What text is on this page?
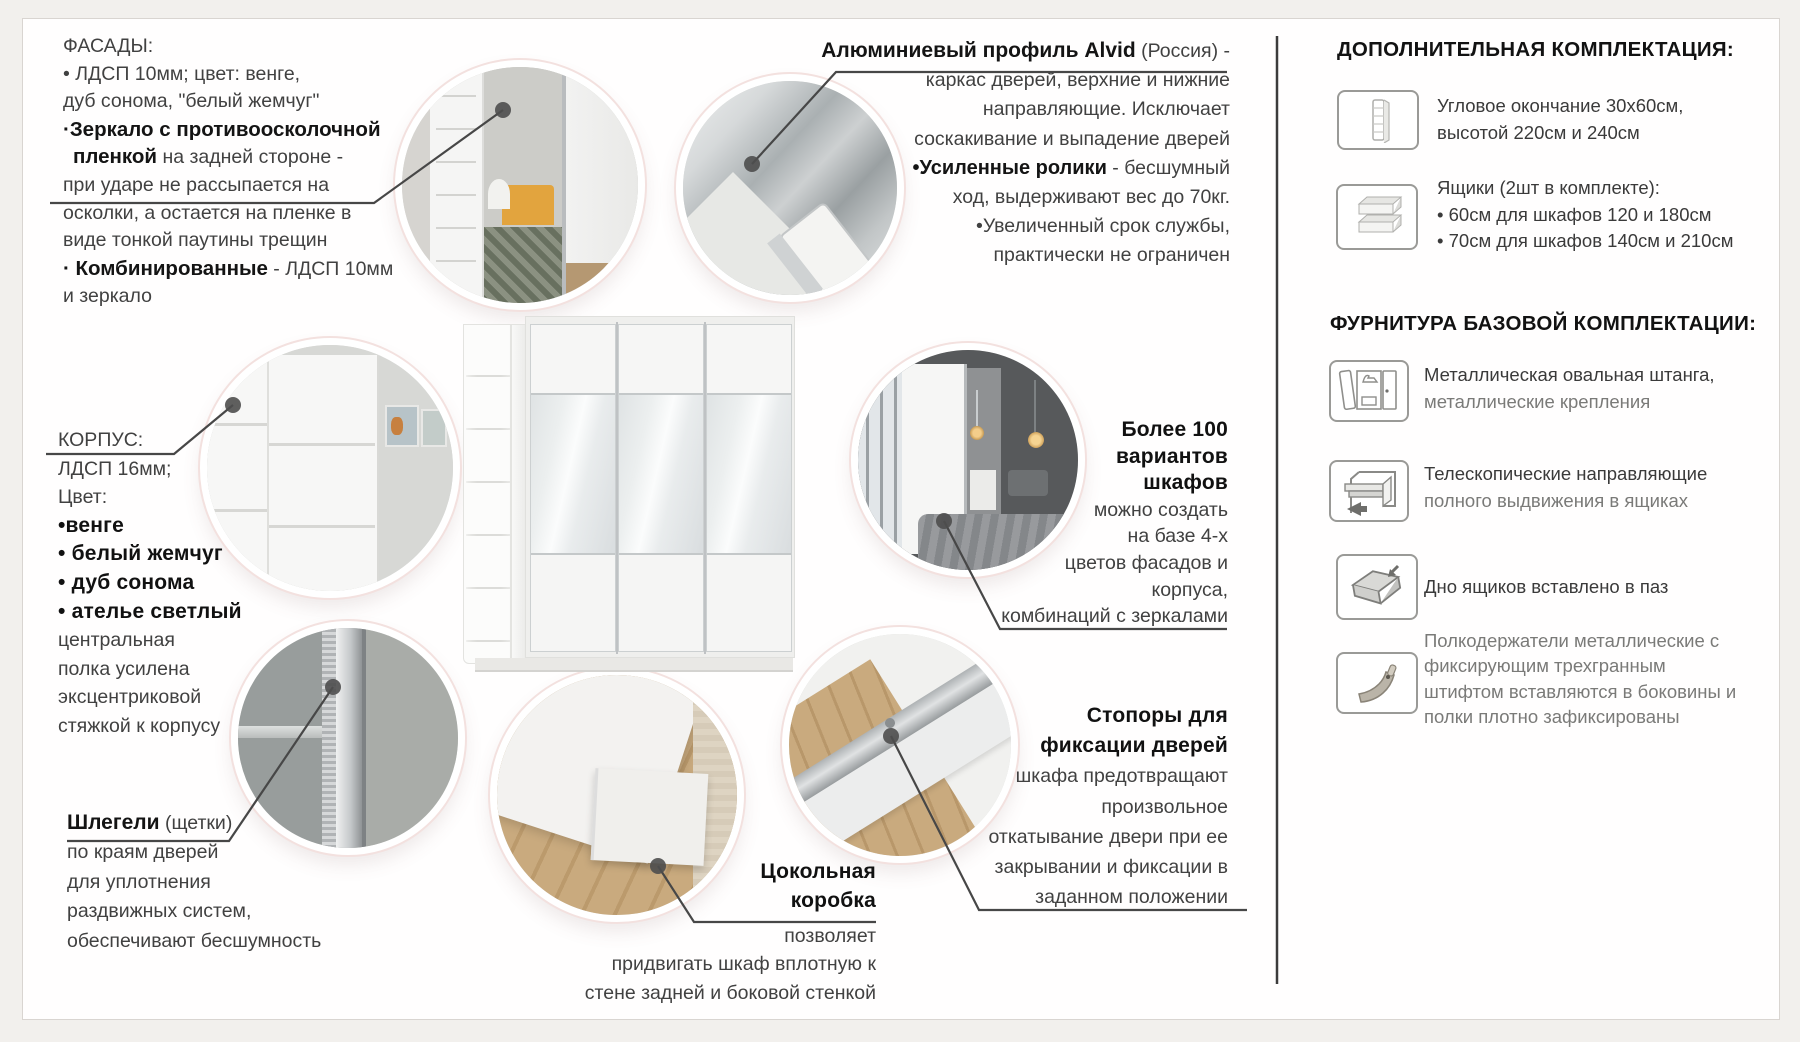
ФАСАДЫ:
• ЛДСП 10мм; цвет: венге,
дуб сонома, "белый жемчуг"
·Зеркало с противоосколочной
пленкой на задней стороне -
при ударе не рассыпается на
осколки, а остается на пленке в
виде тонкой паутины трещин
· Комбинированные - ЛДСП 10мм
и зеркало
Алюминиевый профиль Alvid (Россия) -
каркас дверей, верхние и нижние
направляющие. Исключает
соскакивание и выпадение дверей
•Усиленные ролики - бесшумный
ход, выдерживают вес до 70кг.
•Увеличенный срок службы,
практически не ограничен
КОРПУС:
ЛДСП 16мм;
Цвет:
•венге
• белый жемчуг
• дуб сонома
• ателье светлый
центральная
полка усилена
эксцентриковой
стяжкой к корпусу
Шлегели (щетки)
по краям дверей
для уплотнения
раздвижных систем,
обеспечивают бесшумность
Более 100
вариантов
шкафов
можно создать
на базе 4-х
цветов фасадов и
корпуса,
комбинаций с зеркалами
Стопоры для
фиксации дверей
шкафа предотвращают
произвольное
откатывание двери при ее
закрывании и фиксации в
заданном положении
Цокольная
коробка
позволяет
придвигать шкаф вплотную к
стене задней и боковой стенкой
ДОПОЛНИТЕЛЬНАЯ КОМПЛЕКТАЦИЯ:
Угловое окончание 30х60см,
высотой 220см и 240см
Ящики (2шт в комплекте):
• 60см для шкафов 120 и 180см
• 70см для шкафов 140см и 210см
ФУРНИТУРА БАЗОВОЙ КОМПЛЕКТАЦИИ:
Металлическая овальная штанга,
металлические крепления
Телескопические направляющие
полного выдвижения в ящиках
Дно ящиков вставлено в паз
Полкодержатели металлические с
фиксирующим трехгранным
штифтом вставляются в боковины и
полки плотно зафиксированы
